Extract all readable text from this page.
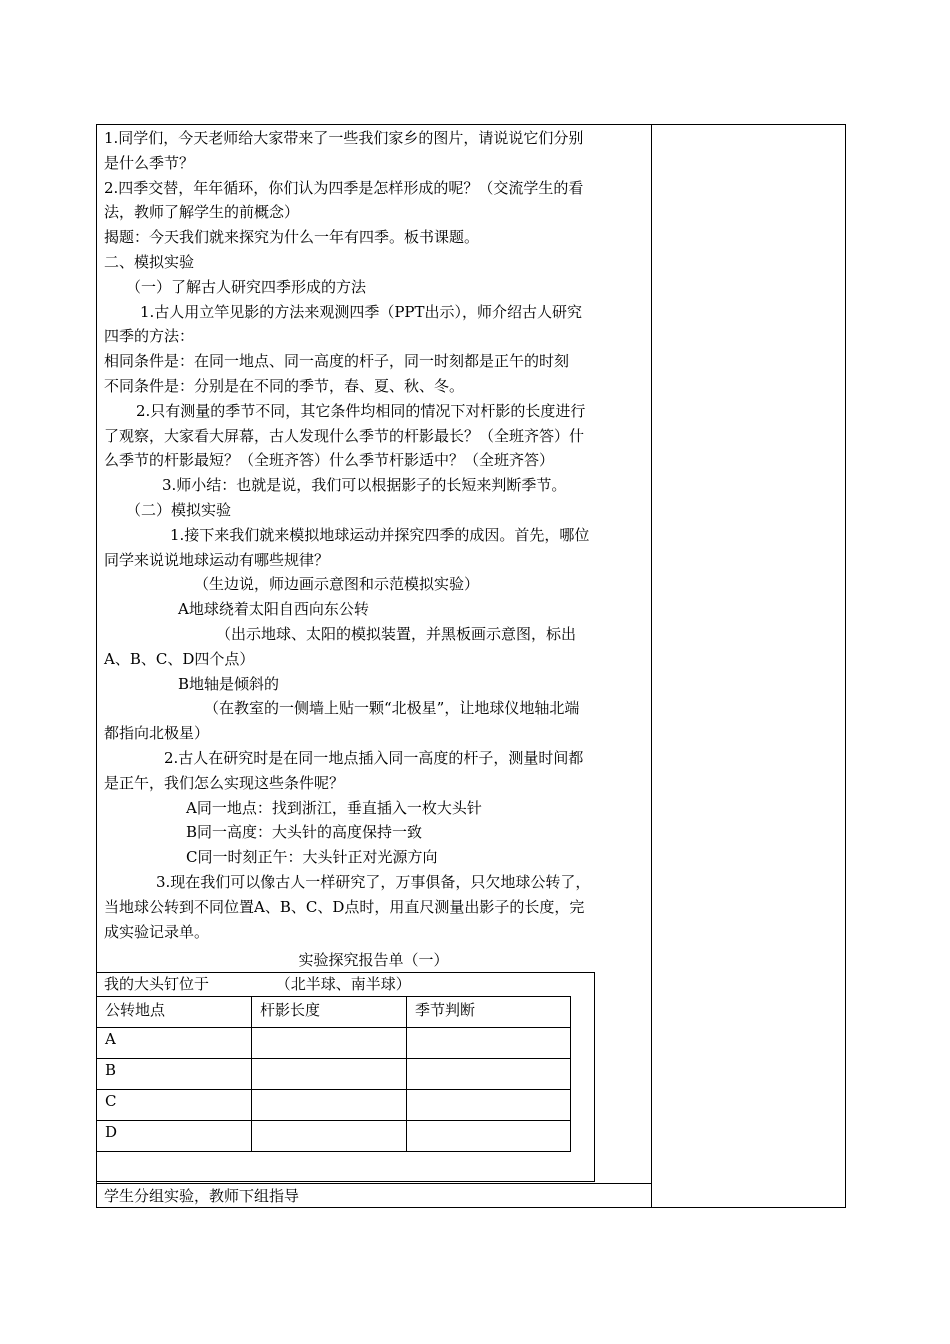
1.同学们，今天老师给大家带来了一些我们家乡的图片，请说说它们分别

是什么季节？

2.四季交替，年年循环，你们认为四季是怎样形成的呢？（交流学生的看

法，教师了解学生的前概念）

揭题：今天我们就来探究为什么一年有四季。板书课题。

二、模拟实验

（一）了解古人研究四季形成的方法

1.古人用立竿见影的方法来观测四季（PPT出示），师介绍古人研究

四季的方法：

相同条件是：在同一地点、同一高度的杆子，同一时刻都是正午的时刻

不同条件是：分别是在不同的季节，春、夏、秋、冬。

2.只有测量的季节不同，其它条件均相同的情况下对杆影的长度进行

了观察，大家看大屏幕，古人发现什么季节的杆影最长？（全班齐答）什

么季节的杆影最短？（全班齐答）什么季节杆影适中？（全班齐答）

3.师小结：也就是说，我们可以根据影子的长短来判断季节。

（二）模拟实验

1.接下来我们就来模拟地球运动并探究四季的成因。首先，哪位

同学来说说地球运动有哪些规律？

（生边说，师边画示意图和示范模拟实验）

A地球绕着太阳自西向东公转

（出示地球、太阳的模拟装置，并黑板画示意图，标出

A、B、C、D四个点）

B地轴是倾斜的

（在教室的一侧墙上贴一颗“北极星”，让地球仪地轴北端

都指向北极星）

2.古人在研究时是在同一地点插入同一高度的杆子，测量时间都

是正午，我们怎么实现这些条件呢？

A同一地点：找到浙江，垂直插入一枚大头针

B同一高度：大头针的高度保持一致

C同一时刻正午：大头针正对光源方向

3.现在我们可以像古人一样研究了，万事俱备，只欠地球公转了，

当地球公转到不同位置A、B、C、D点时，用直尺测量出影子的长度，完

成实验记录单。

实验探究报告单（一）
我的大头钉位于	（北半球、南半球）
公转地点	杆影长度	季节判断
A		
B		
C		
D		
学生分组实验，教师下组指导
